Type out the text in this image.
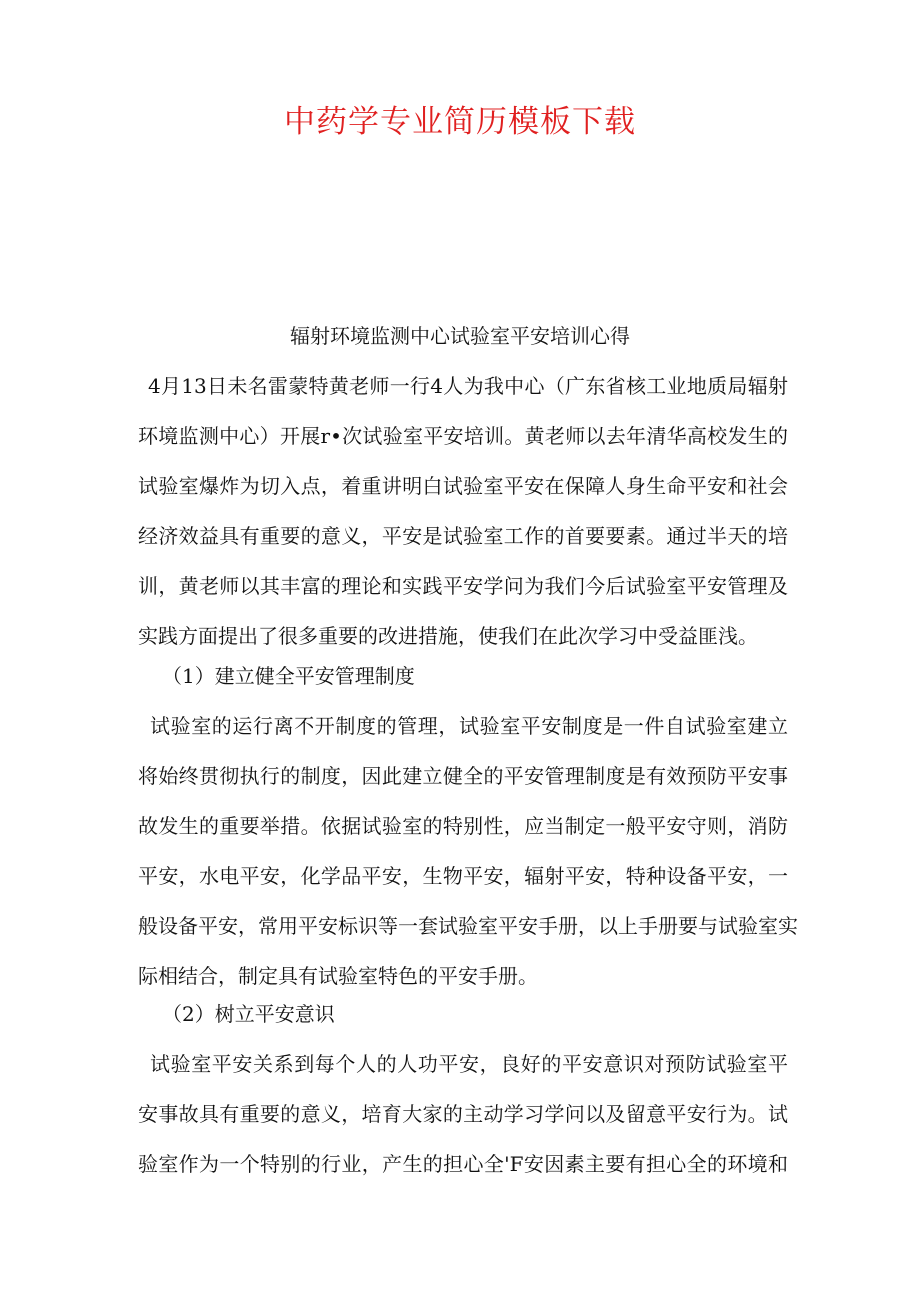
中药学专业简历模板下载
辐射环境监测中心试验室平安培训心得
4月13日未名雷蒙特黄老师一行4人为我中心（广东省核工业地质局辐射
环境监测中心）开展r•次试验室平安培训。黄老师以去年清华高校发生的
试验室爆炸为切入点，着重讲明白试验室平安在保障人身生命平安和社会
经济效益具有重要的意义，平安是试验室工作的首要要素。通过半天的培
训，黄老师以其丰富的理论和实践平安学问为我们今后试验室平安管理及
实践方面提出了很多重要的改进措施，使我们在此次学习中受益匪浅。
（1）建立健全平安管理制度
试验室的运行离不开制度的管理，试验室平安制度是一件自试验室建立
将始终贯彻执行的制度，因此建立健全的平安管理制度是有效预防平安事
故发生的重要举措。依据试验室的特别性，应当制定一般平安守则，消防
平安，水电平安，化学品平安，生物平安，辐射平安，特种设备平安，一
般设备平安，常用平安标识等一套试验室平安手册，以上手册要与试验室实
际相结合，制定具有试验室特色的平安手册。
（2）树立平安意识
试验室平安关系到每个人的人功平安，良好的平安意识对预防试验室平
安事故具有重要的意义，培育大家的主动学习学问以及留意平安行为。试
验室作为一个特别的行业，产生的担心全'F安因素主要有担心全的环境和
